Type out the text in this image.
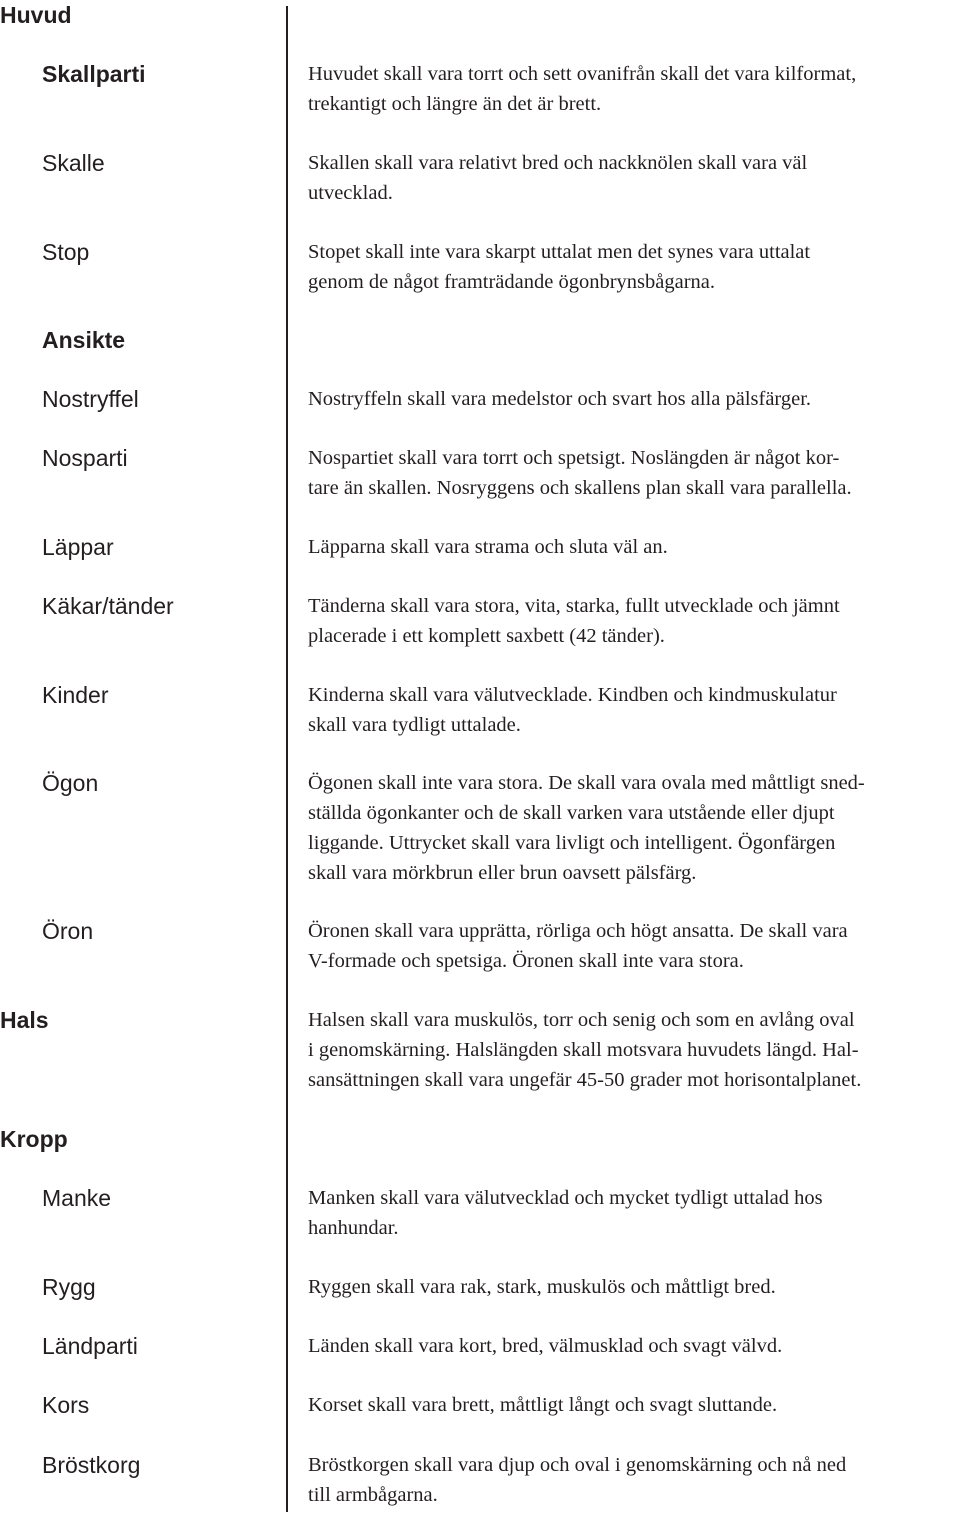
Huvud
Skallparti	Huvudet skall vara torrt och sett ovanifrån skall det vara kilformat,
trekantigt och längre än det är brett.
Skalle	Skallen skall vara relativt bred och nackknölen skall vara väl
utvecklad.
Stop	Stopet skall inte vara skarpt uttalat men det synes vara uttalat
genom de något framträdande ögonbrynsbågarna.
Ansikte
Nostryffel	Nostryffeln skall vara medelstor och svart hos alla pälsfärger.
Nosparti	Nospartiet skall vara torrt och spetsigt. Noslängden är något kor-
tare än skallen. Nosryggens och skallens plan skall vara parallella.
Läppar	Läpparna skall vara strama och sluta väl an.
Käkar/tänder	Tänderna skall vara stora, vita, starka, fullt utvecklade och jämnt
placerade i ett komplett saxbett (42 tänder).
Kinder	Kinderna skall vara välutvecklade. Kindben och kindmuskulatur
skall vara tydligt uttalade.
Ögon	Ögonen skall inte vara stora. De skall vara ovala med måttligt sned-
ställda ögonkanter och de skall varken vara utstående eller djupt
liggande. Uttrycket skall vara livligt och intelligent. Ögonfärgen
skall vara mörkbrun eller brun oavsett pälsfärg.
Öron	Öronen skall vara upprätta, rörliga och högt ansatta. De skall vara
V-formade och spetsiga. Öronen skall inte vara stora.
Hals	Halsen skall vara muskulös, torr och senig och som en avlång oval
i genomskärning. Halslängden skall motsvara huvudets längd. Hal-
sansättningen skall vara ungefär 45-50 grader mot horisontalplanet.
Kropp
Manke	Manken skall vara välutvecklad och mycket tydligt uttalad hos
hanhundar.
Rygg	Ryggen skall vara rak, stark, muskulös och måttligt bred.
Ländparti	Länden skall vara kort, bred, välmusklad och svagt välvd.
Kors	Korset skall vara brett, måttligt långt och svagt sluttande.
Bröstkorg	Bröstkorgen skall vara djup och oval i genomskärning och nå ned
till armbågarna.
